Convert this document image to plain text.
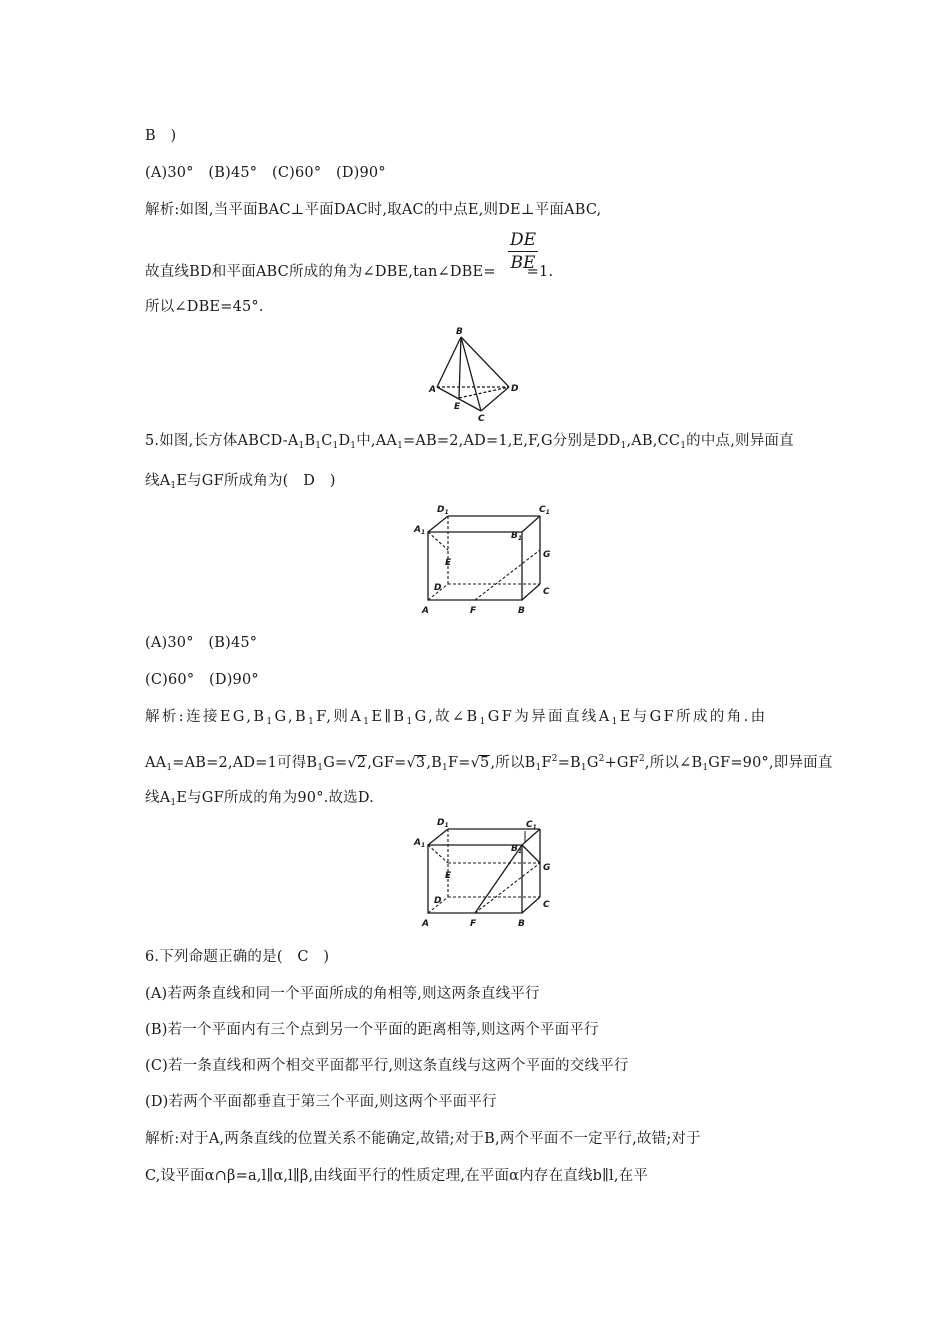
B　)
(A)30°　(B)45°　(C)60°　(D)90°
解析:如图,当平面BAC⊥平面DAC时,取AC的中点E,则DE⊥平面ABC,
故直线BD和平面ABC所成的角为∠DBE,tan∠DBE= =1.
DE
BE
所以∠DBE=45°.
B
A
E
C
D
5.如图,长方体ABCD-$A_1B_1C_1D_1$中$,AA_1=AB=2,AD=1,E,F,G$分别是$DD_1,AB,CC_1$的中点,则异面直
线$A_1E$与GF所成角为(　D　)
$D_1$	$C_1$
$A_1$	$B_1$
E
G
D	C
A	F	B
(A)30°　(B)45°
(C)60°　(D)90°
解析:连接$EG,B_1G,B_1F$,则$A_1E\parallel B_1G$,故$\angle B_1GF$为异面直线$A_1E$与GF所成的角.由
$AA_1=AB=2,AD=1$可得$B_1G=√2,GF=√3,B_1F=√5$,所以$B_1F^2=B_1G^2+GF^2$,所以$\angle B_1GF=90^\circ$,即异面直
线$A_1E$与GF所成的角为90°.故选D.
$D_1$	$C_1$
$A_1$	$B_1$
E
G
D	C
A	F	B
6.下列命题正确的是(　C　)
(A)若两条直线和同一个平面所成的角相等,则这两条直线平行
(B)若一个平面内有三个点到另一个平面的距离相等,则这两个平面平行
(C)若一条直线和两个相交平面都平行,则这条直线与这两个平面的交线平行
(D)若两个平面都垂直于第三个平面,则这两个平面平行
解析:对于A,两条直线的位置关系不能确定,故错;对于B,两个平面不一定平行,故错;对于
C,设平面α∩β=a,l∥α,l∥β,由线面平行的性质定理,在平面α内存在直线b∥l,在平
